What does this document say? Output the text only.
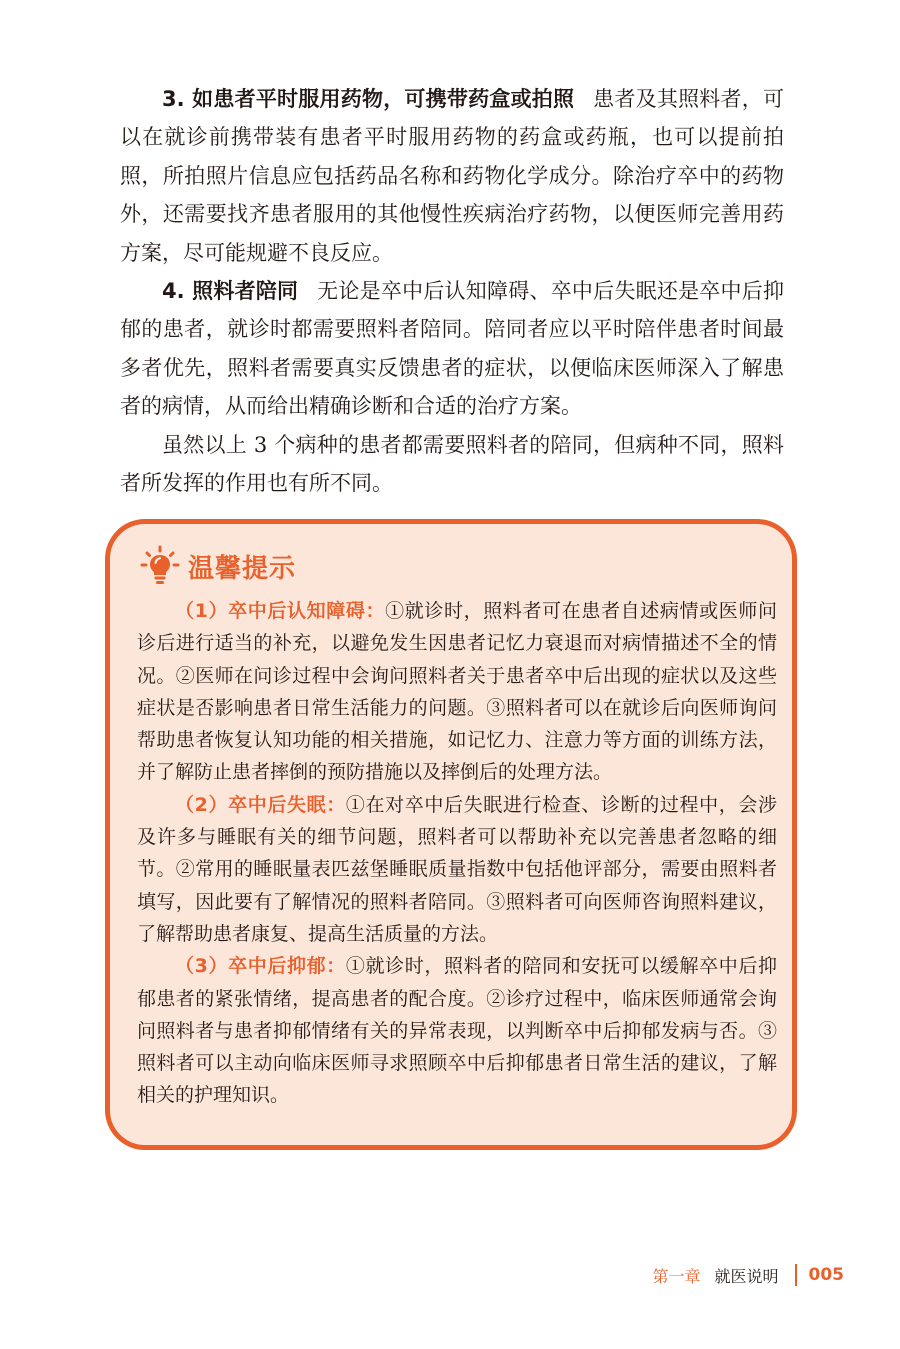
3. 如患者平时服用药物，可携带药盒或拍照 患者及其照料者，可以在就诊前携带装有患者平时服用药物的药盒或药瓶，也可以提前拍照，所拍照片信息应包括药品名称和药物化学成分。除治疗卒中的药物外，还需要找齐患者服用的其他慢性疾病治疗药物，以便医师完善用药方案，尽可能规避不良反应。

4. 照料者陪同 无论是卒中后认知障碍、卒中后失眠还是卒中后抑郁的患者，就诊时都需要照料者陪同。陪同者应以平时陪伴患者时间最多者优先，照料者需要真实反馈患者的症状，以便临床医师深入了解患者的病情，从而给出精确诊断和合适的治疗方案。

虽然以上 3 个病种的患者都需要照料者的陪同，但病种不同，照料者所发挥的作用也有所不同。

温馨提示

（1）卒中后认知障碍：①就诊时，照料者可在患者自述病情或医师问诊后进行适当的补充，以避免发生因患者记忆力衰退而对病情描述不全的情况。②医师在问诊过程中会询问照料者关于患者卒中后出现的症状以及这些症状是否影响患者日常生活能力的问题。③照料者可以在就诊后向医师询问帮助患者恢复认知功能的相关措施，如记忆力、注意力等方面的训练方法，并了解防止患者摔倒的预防措施以及摔倒后的处理方法。

（2）卒中后失眠：①在对卒中后失眠进行检查、诊断的过程中，会涉及许多与睡眠有关的细节问题，照料者可以帮助补充以完善患者忽略的细节。②常用的睡眠量表匹兹堡睡眠质量指数中包括他评部分，需要由照料者填写，因此要有了解情况的照料者陪同。③照料者可向医师咨询照料建议，了解帮助患者康复、提高生活质量的方法。

（3）卒中后抑郁：①就诊时，照料者的陪同和安抚可以缓解卒中后抑郁患者的紧张情绪，提高患者的配合度。②诊疗过程中，临床医师通常会询问照料者与患者抑郁情绪有关的异常表现，以判断卒中后抑郁发病与否。③照料者可以主动向临床医师寻求照顾卒中后抑郁患者日常生活的建议，了解相关的护理知识。

第一章 就医说明 005
